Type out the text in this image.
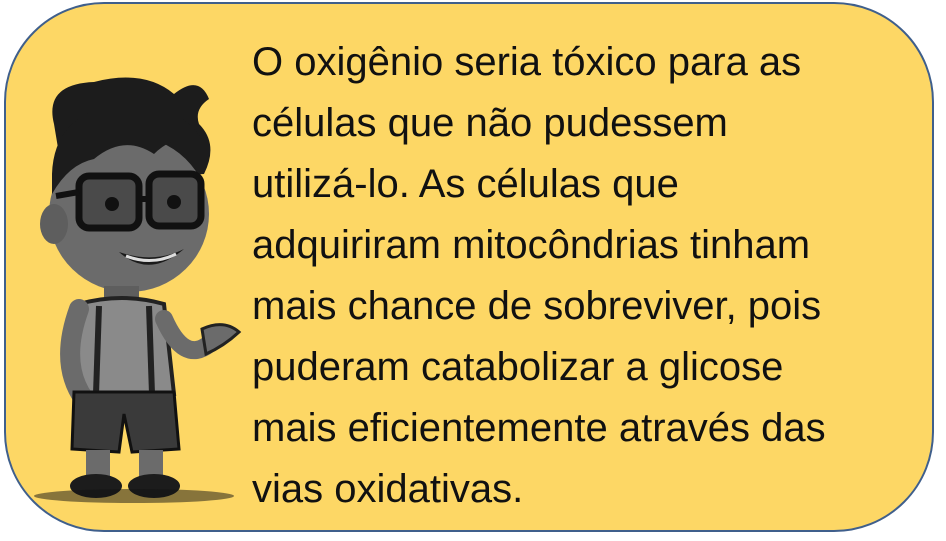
O oxigênio seria tóxico para as
células que não pudessem
utilizá-lo. As células que
adquiriram mitocôndrias tinham
mais chance de sobreviver, pois
puderam catabolizar a glicose
mais eficientemente através das
vias oxidativas.
